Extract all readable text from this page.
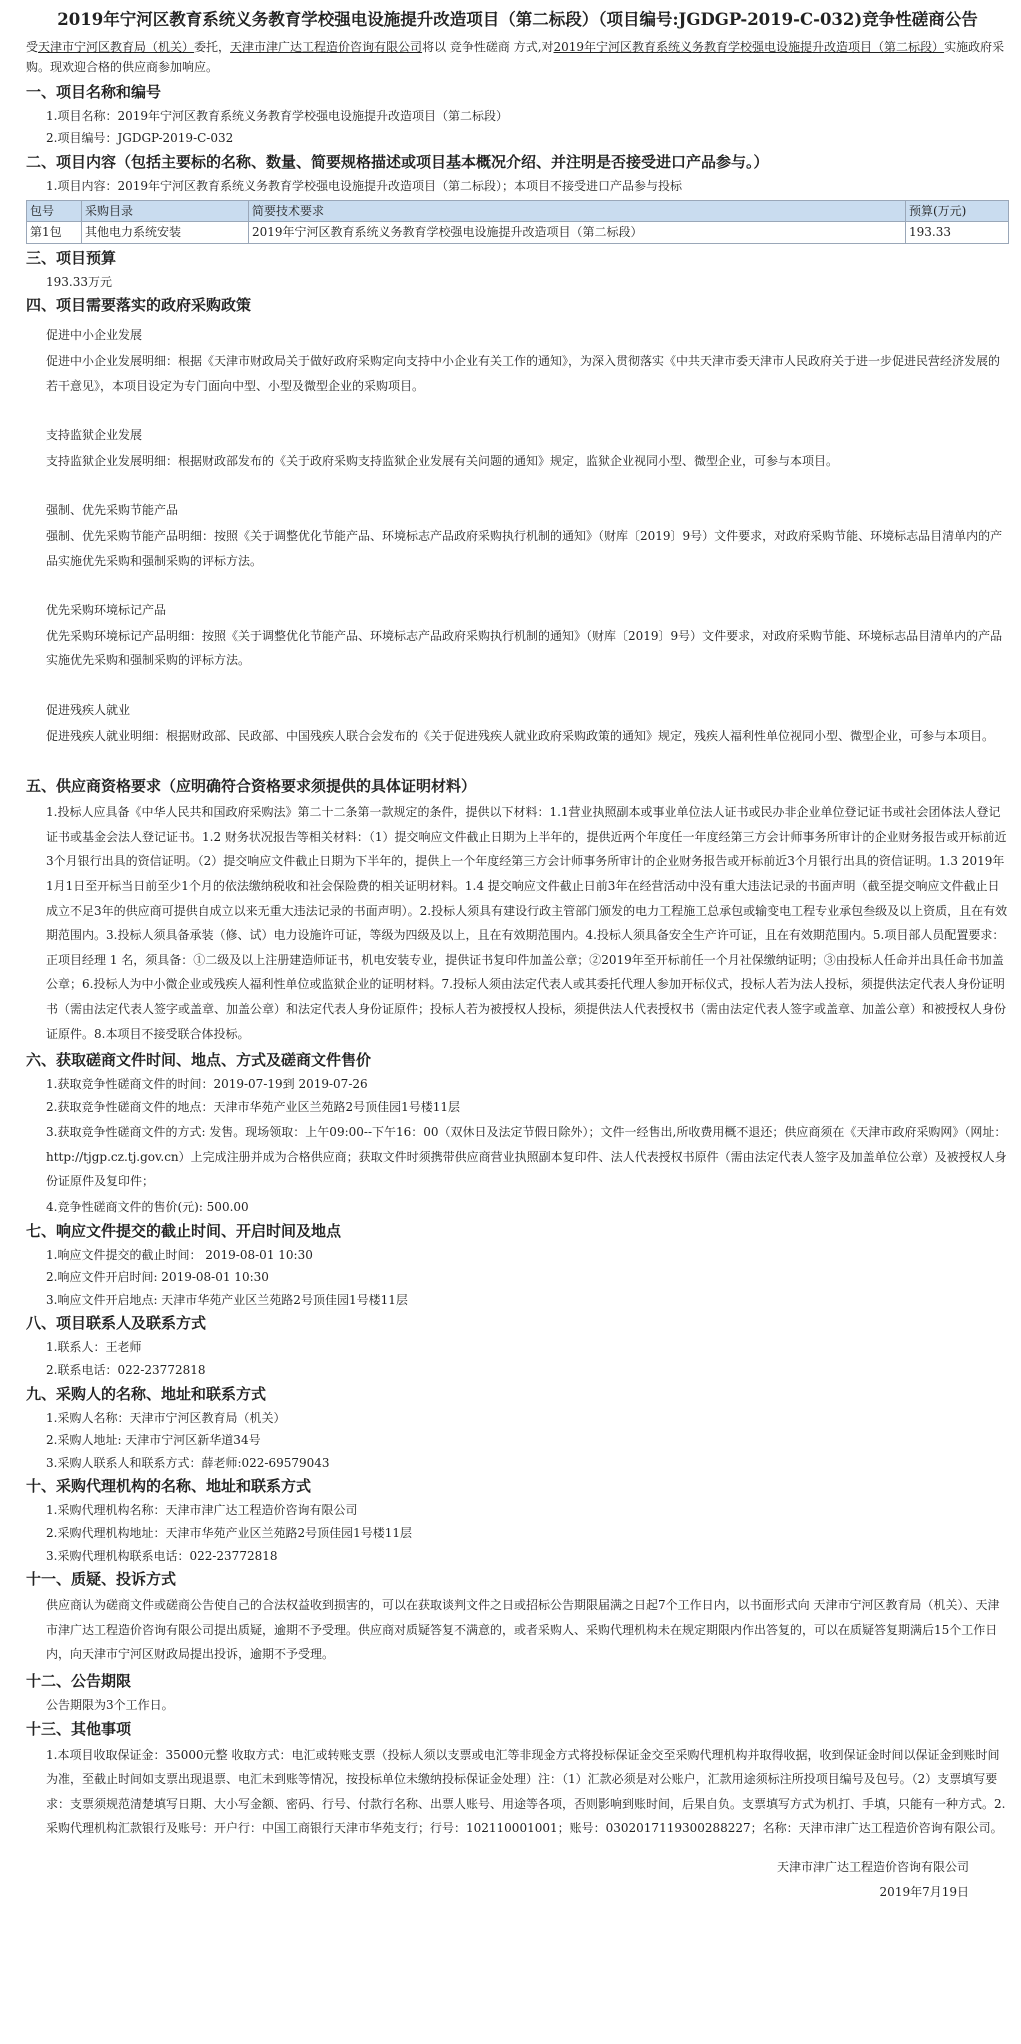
2019年宁河区教育系统义务教育学校强电设施提升改造项目（第二标段）（项目编号:JGDGP-2019-C-032)竞争性磋商公告

受天津市宁河区教育局（机关）委托，天津市津广达工程造价咨询有限公司将以 竞争性磋商 方式,对2019年宁河区教育系统义务教育学校强电设施提升改造项目（第二标段）实施政府采购。现欢迎合格的供应商参加响应。

一、项目名称和编号
1.项目名称：2019年宁河区教育系统义务教育学校强电设施提升改造项目（第二标段）
2.项目编号：JGDGP-2019-C-032
二、项目内容（包括主要标的名称、数量、简要规格描述或项目基本概况介绍、并注明是否接受进口产品参与。）
1.项目内容：2019年宁河区教育系统义务教育学校强电设施提升改造项目（第二标段）；本项目不接受进口产品参与投标
包号	采购目录	简要技术要求	预算(万元)
第1包	其他电力系统安装	2019年宁河区教育系统义务教育学校强电设施提升改造项目（第二标段）	193.33
三、项目预算
193.33万元
四、项目需要落实的政府采购政策
促进中小企业发展
促进中小企业发展明细：根据《天津市财政局关于做好政府采购定向支持中小企业有关工作的通知》，为深入贯彻落实《中共天津市委天津市人民政府关于进一步促进民营经济发展的若干意见》，本项目设定为专门面向中型、小型及微型企业的采购项目。
支持监狱企业发展
支持监狱企业发展明细：根据财政部发布的《关于政府采购支持监狱企业发展有关问题的通知》规定，监狱企业视同小型、微型企业，可参与本项目。
强制、优先采购节能产品
强制、优先采购节能产品明细：按照《关于调整优化节能产品、环境标志产品政府采购执行机制的通知》（财库〔2019〕9号）文件要求，对政府采购节能、环境标志品目清单内的产品实施优先采购和强制采购的评标方法。
优先采购环境标记产品
优先采购环境标记产品明细：按照《关于调整优化节能产品、环境标志产品政府采购执行机制的通知》（财库〔2019〕9号）文件要求，对政府采购节能、环境标志品目清单内的产品实施优先采购和强制采购的评标方法。
促进残疾人就业
促进残疾人就业明细：根据财政部、民政部、中国残疾人联合会发布的《关于促进残疾人就业政府采购政策的通知》规定，残疾人福利性单位视同小型、微型企业，可参与本项目。
五、供应商资格要求（应明确符合资格要求须提供的具体证明材料）

1.投标人应具备《中华人民共和国政府采购法》第二十二条第一款规定的条件，提供以下材料：1.1营业执照副本或事业单位法人证书或民办非企业单位登记证书或社会团体法人登记证书或基金会法人登记证书。1.2 财务状况报告等相关材料：（1）提交响应文件截止日期为上半年的，提供近两个年度任一年度经第三方会计师事务所审计的企业财务报告或开标前近3个月银行出具的资信证明。（2）提交响应文件截止日期为下半年的，提供上一个年度经第三方会计师事务所审计的企业财务报告或开标前近3个月银行出具的资信证明。1.3 2019年1月1日至开标当日前至少1个月的依法缴纳税收和社会保险费的相关证明材料。1.4 提交响应文件截止日前3年在经营活动中没有重大违法记录的书面声明（截至提交响应文件截止日成立不足3年的供应商可提供自成立以来无重大违法记录的书面声明）。2.投标人须具有建设行政主管部门颁发的电力工程施工总承包或输变电工程专业承包叁级及以上资质，且在有效期范围内。3.投标人须具备承装（修、试）电力设施许可证，等级为四级及以上，且在有效期范围内。4.投标人须具备安全生产许可证，且在有效期范围内。5.项目部人员配置要求：正项目经理 1 名，须具备：①二级及以上注册建造师证书，机电安装专业，提供证书复印件加盖公章；②2019年至开标前任一个月社保缴纳证明；③由投标人任命并出具任命书加盖公章；6.投标人为中小微企业或残疾人福利性单位或监狱企业的证明材料。7.投标人须由法定代表人或其委托代理人参加开标仪式，投标人若为法人投标，须提供法定代表人身份证明书（需由法定代表人签字或盖章、加盖公章）和法定代表人身份证原件；投标人若为被授权人投标，须提供法人代表授权书（需由法定代表人签字或盖章、加盖公章）和被授权人身份证原件。8.本项目不接受联合体投标。

六、获取磋商文件时间、地点、方式及磋商文件售价
1.获取竞争性磋商文件的时间：2019-07-19到 2019-07-26
2.获取竞争性磋商文件的地点：天津市华苑产业区兰苑路2号顶佳园1号楼11层
3.获取竞争性磋商文件的方式: 发售。现场领取：上午09:00--下午16：00（双休日及法定节假日除外）；文件一经售出,所收费用概不退还；供应商须在《天津市政府采购网》（网址：http://tjgp.cz.tj.gov.cn）上完成注册并成为合格供应商；获取文件时须携带供应商营业执照副本复印件、法人代表授权书原件（需由法定代表人签字及加盖单位公章）及被授权人身份证原件及复印件；
4.竞争性磋商文件的售价(元): 500.00
七、响应文件提交的截止时间、开启时间及地点
1.响应文件提交的截止时间： 2019-08-01 10:30
2.响应文件开启时间: 2019-08-01 10:30
3.响应文件开启地点: 天津市华苑产业区兰苑路2号顶佳园1号楼11层
八、项目联系人及联系方式
1.联系人：王老师
2.联系电话：022-23772818
九、采购人的名称、地址和联系方式
1.采购人名称：天津市宁河区教育局（机关）
2.采购人地址: 天津市宁河区新华道34号
3.采购人联系人和联系方式：薛老师:022-69579043
十、采购代理机构的名称、地址和联系方式
1.采购代理机构名称：天津市津广达工程造价咨询有限公司
2.采购代理机构地址：天津市华苑产业区兰苑路2号顶佳园1号楼11层
3.采购代理机构联系电话：022-23772818
十一、质疑、投诉方式

供应商认为磋商文件或磋商公告使自己的合法权益收到损害的，可以在获取谈判文件之日或招标公告期限届满之日起7个工作日内，以书面形式向 天津市宁河区教育局（机关）、天津市津广达工程造价咨询有限公司提出质疑，逾期不予受理。供应商对质疑答复不满意的，或者采购人、采购代理机构未在规定期限内作出答复的，可以在质疑答复期满后15个工作日内，向天津市宁河区财政局提出投诉，逾期不予受理。

十二、公告期限
公告期限为3个工作日。
十三、其他事项

1.本项目收取保证金：35000元整 收取方式：电汇或转账支票（投标人须以支票或电汇等非现金方式将投标保证金交至采购代理机构并取得收据，收到保证金时间以保证金到账时间为准，至截止时间如支票出现退票、电汇未到账等情况，按投标单位未缴纳投标保证金处理）注：（1）汇款必须是对公账户，汇款用途须标注所投项目编号及包号。（2）支票填写要求：支票须规范清楚填写日期、大小写金额、密码、行号、付款行名称、出票人账号、用途等各项，否则影响到账时间，后果自负。支票填写方式为机打、手填，只能有一种方式。2.采购代理机构汇款银行及账号：开户行：中国工商银行天津市华苑支行；行号：102110001001；账号：0302017119300288227；名称：天津市津广达工程造价咨询有限公司。

天津市津广达工程造价咨询有限公司
2019年7月19日
